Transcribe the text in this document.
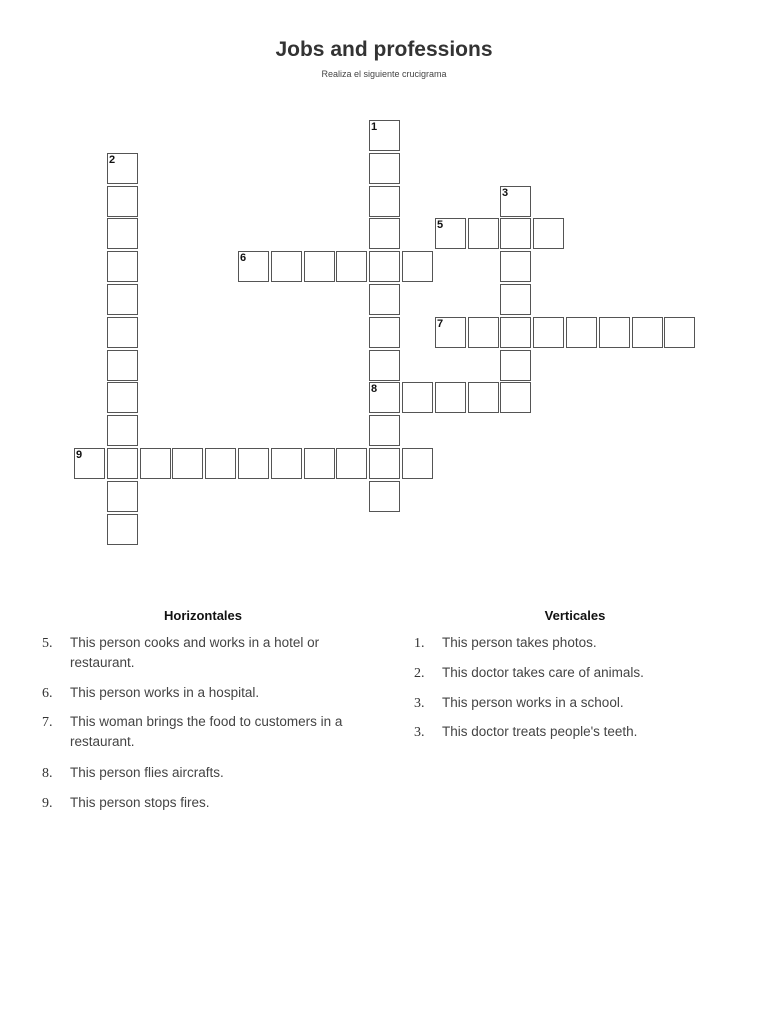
Jobs and professions

Realiza el siguiente crucigrama

1
8
2
3
5
6
7
9
Horizontales
5.	This person cooks and works in a hotel or restaurant.
6.	This person works in a hospital.
7.	This woman brings the food to customers in a restaurant.
8.	This person flies aircrafts.
9.	This person stops fires.
Verticales
1.	This person takes photos.
2.	This doctor takes care of animals.
3.	This person works in a school.
3.	This doctor treats people's teeth.
